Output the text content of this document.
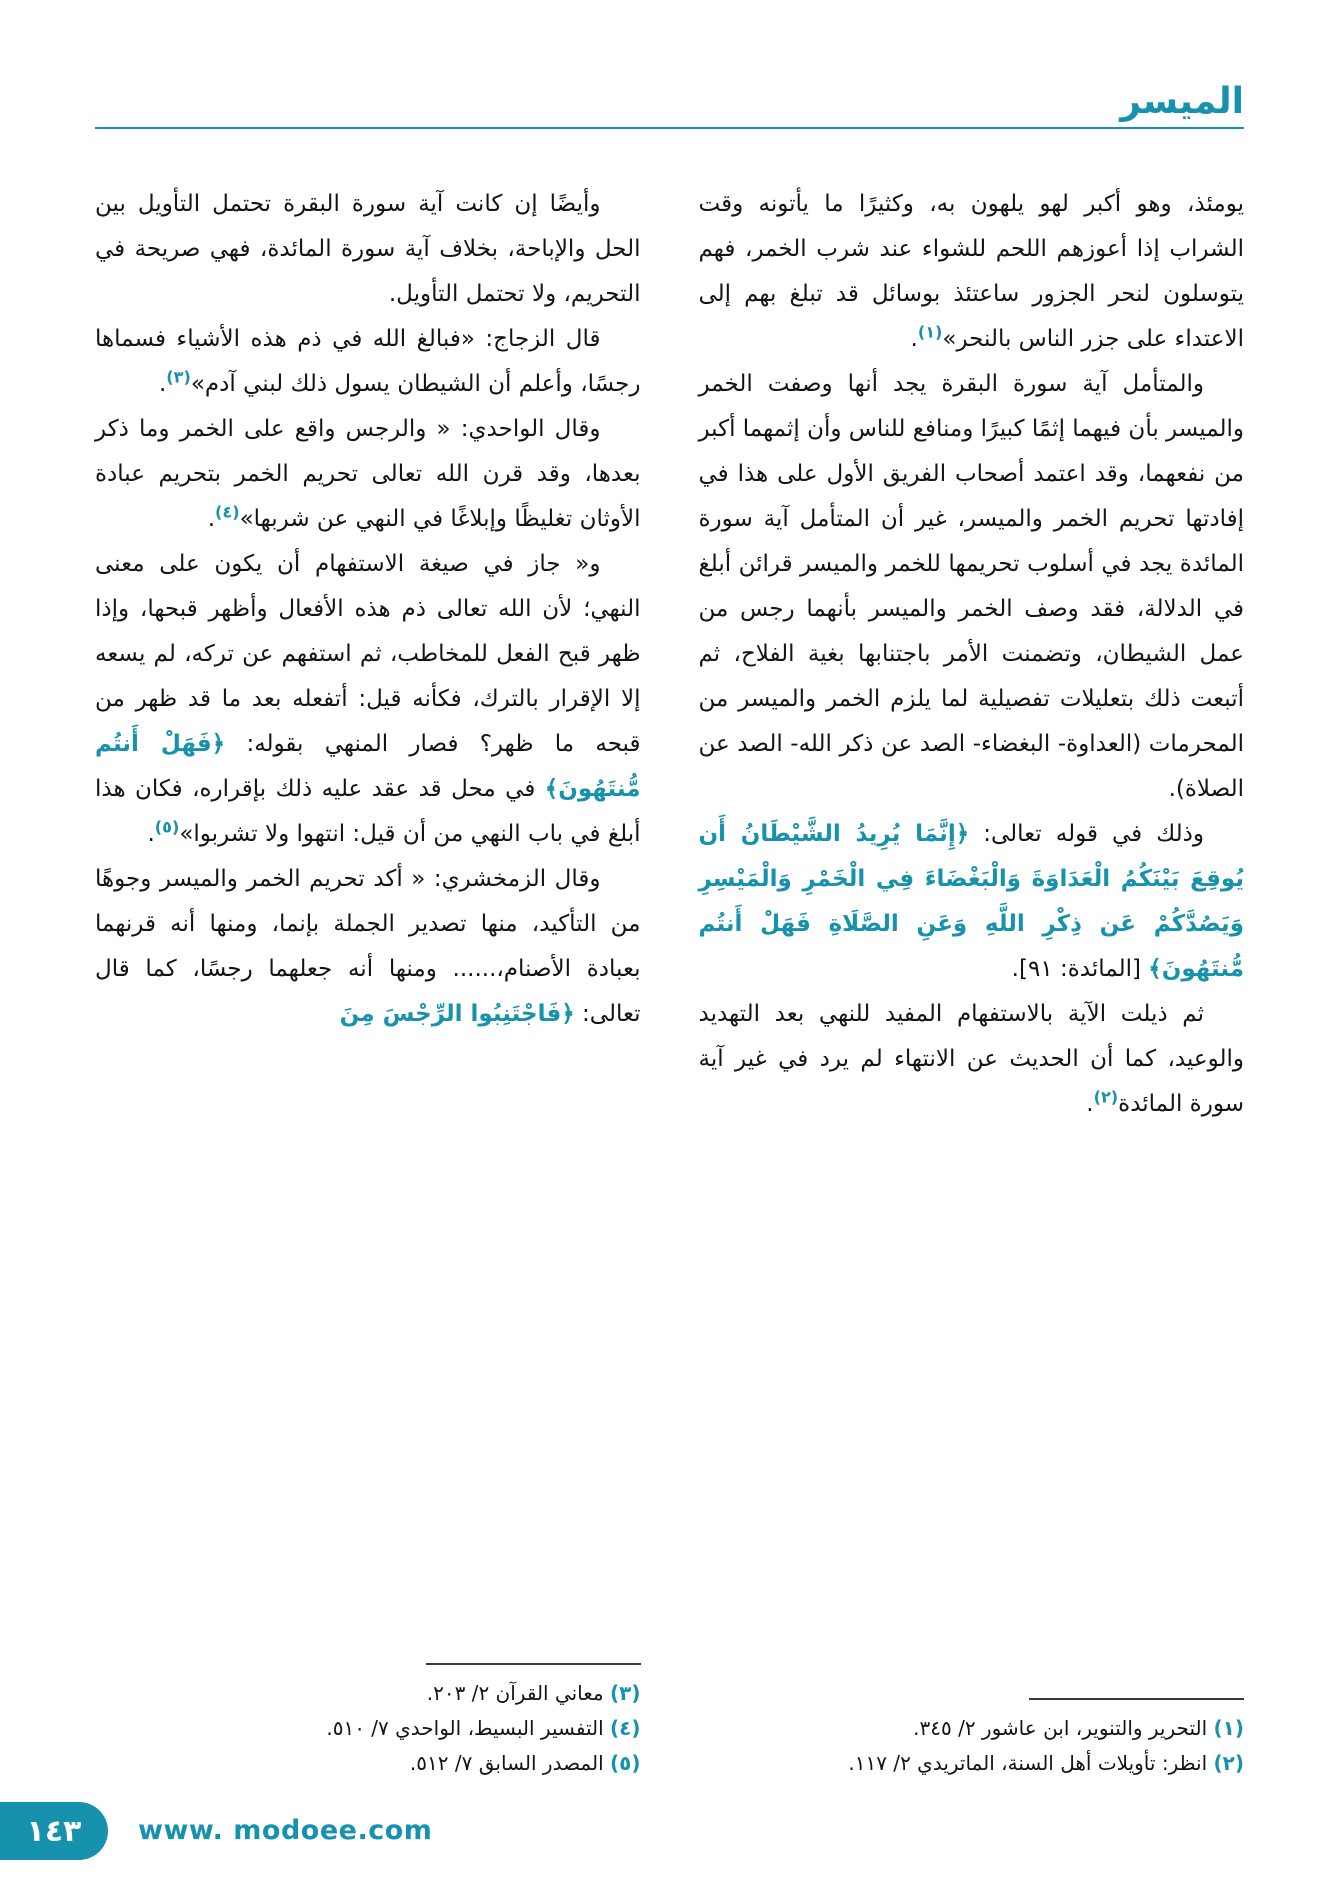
الميسر

يومئذ، وهو أكبر لهو يلهون به، وكثيرًا ما يأتونه وقت الشراب إذا أعوزهم اللحم للشواء عند شرب الخمر، فهم يتوسلون لنحر الجزور ساعتئذ بوسائل قد تبلغ بهم إلى الاعتداء على جزر الناس بالنحر»$^{(١)}$.

والمتأمل آية سورة البقرة يجد أنها وصفت الخمر والميسر بأن فيهما إثمًا كبيرًا ومنافع للناس وأن إثمهما أكبر من نفعهما، وقد اعتمد أصحاب الفريق الأول على هذا في إفادتها تحريم الخمر والميسر، غير أن المتأمل آية سورة المائدة يجد في أسلوب تحريمها للخمر والميسر قرائن أبلغ في الدلالة، فقد وصف الخمر والميسر بأنهما رجس من عمل الشيطان، وتضمنت الأمر باجتنابها بغية الفلاح، ثم أتبعت ذلك بتعليلات تفصيلية لما يلزم الخمر والميسر من المحرمات (العداوة- البغضاء- الصد عن ذكر الله- الصد عن الصلاة).

وذلك في قوله تعالى: ﴿إِنَّمَا يُرِيدُ الشَّيْطَانُ أَن يُوقِعَ بَيْنَكُمُ الْعَدَاوَةَ وَالْبَغْضَاءَ فِي الْخَمْرِ وَالْمَيْسِرِ وَيَصُدَّكُمْ عَن ذِكْرِ اللَّهِ وَعَنِ الصَّلَاةِ فَهَلْ أَنتُم مُّنتَهُونَ﴾ [المائدة: ٩١].

ثم ذيلت الآية بالاستفهام المفيد للنهي بعد التهديد والوعيد، كما أن الحديث عن الانتهاء لم يرد في غير آية سورة المائدة$^{(٢)}$.

(١) التحرير والتنوير، ابن عاشور ٢/ ٣٤٥.
(٢) انظر: تأويلات أهل السنة، الماتريدي ٢/ ١١٧.

وأيضًا إن كانت آية سورة البقرة تحتمل التأويل بين الحل والإباحة، بخلاف آية سورة المائدة، فهي صريحة في التحريم، ولا تحتمل التأويل.

قال الزجاج: «فبالغ الله في ذم هذه الأشياء فسماها رجسًا، وأعلم أن الشيطان يسول ذلك لبني آدم»$^{(٣)}$.

وقال الواحدي: « والرجس واقع على الخمر وما ذكر بعدها، وقد قرن الله تعالى تحريم الخمر بتحريم عبادة الأوثان تغليظًا وإبلاغًا في النهي عن شربها»$^{(٤)}$.

و« جاز في صيغة الاستفهام أن يكون على معنى النهي؛ لأن الله تعالى ذم هذه الأفعال وأظهر قبحها، وإذا ظهر قبح الفعل للمخاطب، ثم استفهم عن تركه، لم يسعه إلا الإقرار بالترك، فكأنه قيل: أتفعله بعد ما قد ظهر من قبحه ما ظهر؟ فصار المنهي بقوله: ﴿فَهَلْ أَنتُم مُّنتَهُونَ﴾ في محل قد عقد عليه ذلك بإقراره، فكان هذا أبلغ في باب النهي من أن قيل: انتهوا ولا تشربوا»$^{(٥)}$.

وقال الزمخشري: « أكد تحريم الخمر والميسر وجوهًا من التأكيد، منها تصدير الجملة بإنما، ومنها أنه قرنهما بعبادة الأصنام،...... ومنها أنه جعلهما رجسًا، كما قال تعالى: ﴿فَاجْتَنِبُوا الرِّجْسَ مِنَ

(٣) معاني القرآن ٢/ ٢٠٣.
(٤) التفسير البسيط، الواحدي ٧/ ٥١٠.
(٥) المصدر السابق ٧/ ٥١٢.
١٤٣ www. modoee.com
